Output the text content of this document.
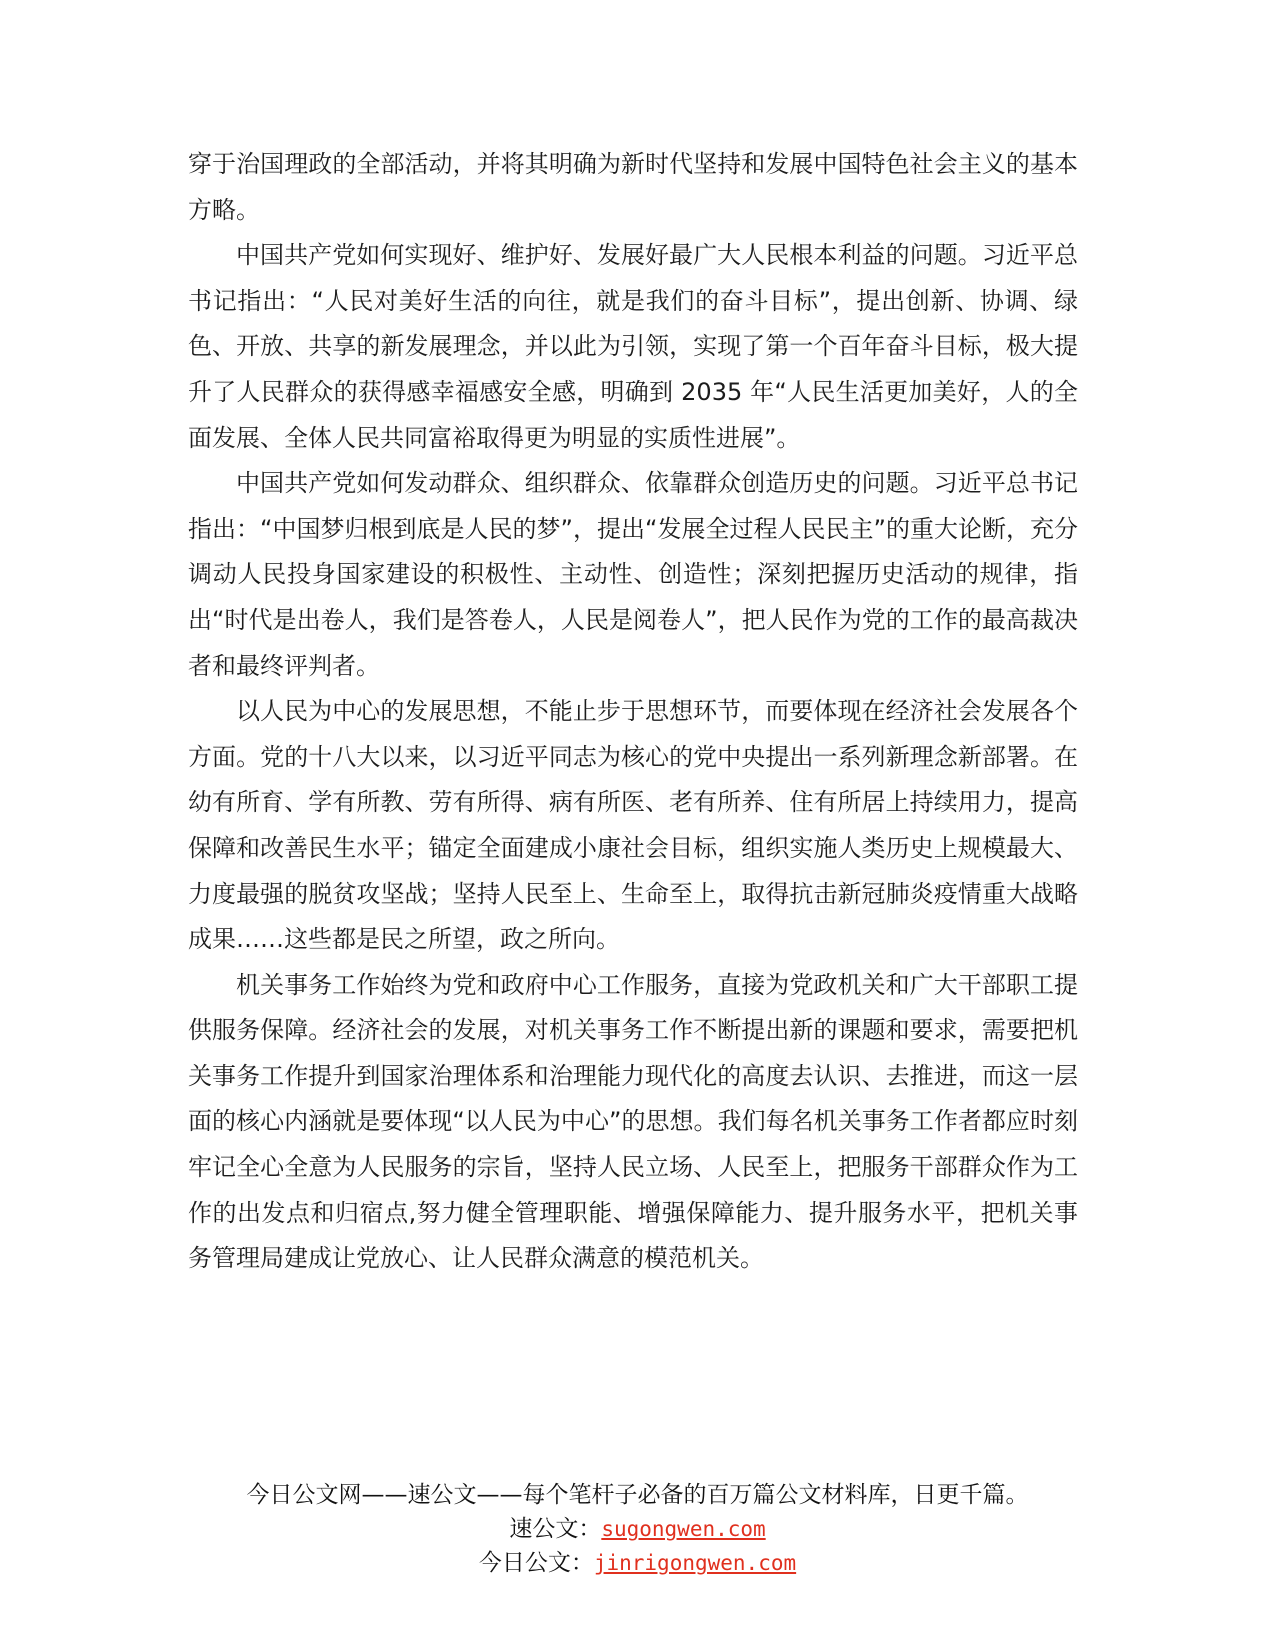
穿于治国理政的全部活动，并将其明确为新时代坚持和发展中国特色社会主义的基本方略。

中国共产党如何实现好、维护好、发展好最广大人民根本利益的问题。习近平总书记指出：“人民对美好生活的向往，就是我们的奋斗目标”，提出创新、协调、绿色、开放、共享的新发展理念，并以此为引领，实现了第一个百年奋斗目标，极大提升了人民群众的获得感幸福感安全感，明确到 2035 年“人民生活更加美好，人的全面发展、全体人民共同富裕取得更为明显的实质性进展”。

中国共产党如何发动群众、组织群众、依靠群众创造历史的问题。习近平总书记指出：“中国梦归根到底是人民的梦”，提出“发展全过程人民民主”的重大论断，充分调动人民投身国家建设的积极性、主动性、创造性；深刻把握历史活动的规律，指出“时代是出卷人，我们是答卷人，人民是阅卷人”，把人民作为党的工作的最高裁决者和最终评判者。

以人民为中心的发展思想，不能止步于思想环节，而要体现在经济社会发展各个方面。党的十八大以来，以习近平同志为核心的党中央提出一系列新理念新部署。在幼有所育、学有所教、劳有所得、病有所医、老有所养、住有所居上持续用力，提高保障和改善民生水平；锚定全面建成小康社会目标，组织实施人类历史上规模最大、力度最强的脱贫攻坚战；坚持人民至上、生命至上，取得抗击新冠肺炎疫情重大战略成果……这些都是民之所望，政之所向。

机关事务工作始终为党和政府中心工作服务，直接为党政机关和广大干部职工提供服务保障。经济社会的发展，对机关事务工作不断提出新的课题和要求，需要把机关事务工作提升到国家治理体系和治理能力现代化的高度去认识、去推进，而这一层面的核心内涵就是要体现“以人民为中心”的思想。我们每名机关事务工作者都应时刻牢记全心全意为人民服务的宗旨，坚持人民立场、人民至上，把服务干部群众作为工作的出发点和归宿点,努力健全管理职能、增强保障能力、提升服务水平，把机关事务管理局建成让党放心、让人民群众满意的模范机关。

今日公文网——速公文——每个笔杆子必备的百万篇公文材料库，日更千篇。
速公文：sugongwen.com
今日公文：jinrigongwen.com
